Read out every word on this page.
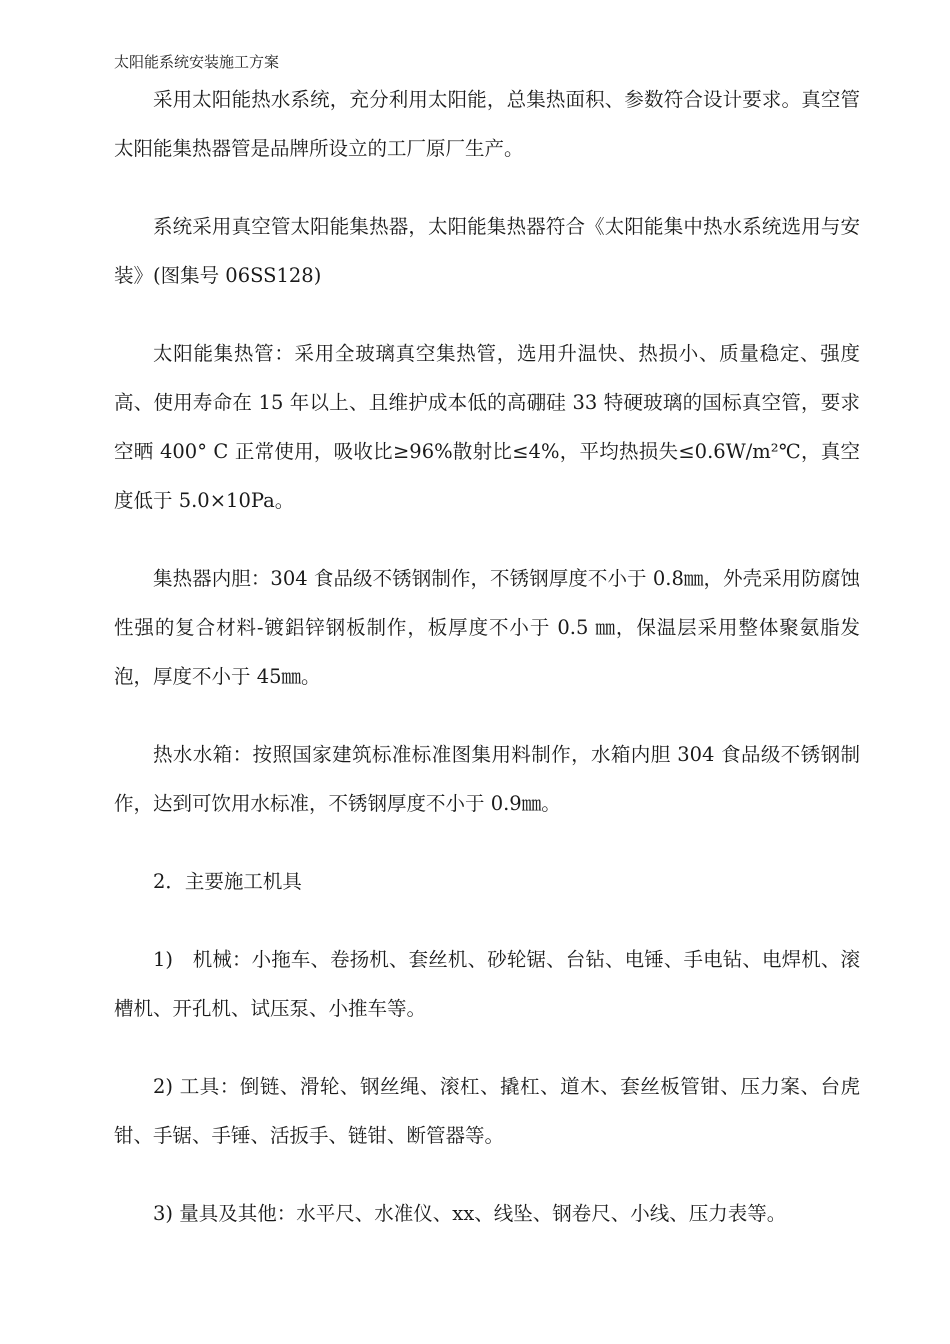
太阳能系统安装施工方案

采用太阳能热水系统，充分利用太阳能，总集热面积、参数符合设计要求。真空管太阳能集热器管是品牌所设立的工厂原厂生产。

系统采用真空管太阳能集热器，太阳能集热器符合《太阳能集中热水系统选用与安装》(图集号 06SS128)

太阳能集热管：采用全玻璃真空集热管，选用升温快、热损小、质量稳定、强度高、使用寿命在 15 年以上、且维护成本低的高硼硅 33 特硬玻璃的国标真空管，要求空晒 400° C 正常使用，吸收比≥96%散射比≤4%，平均热损失≤0.6W/m²℃，真空度低于 5.0×10Pa。

集热器内胆：304 食品级不锈钢制作，不锈钢厚度不小于 0.8㎜，外壳采用防腐蚀性强的复合材料-镀鋁锌钢板制作，板厚度不小于 0.5 ㎜，保温层采用整体聚氨脂发泡，厚度不小于 45㎜。

热水水箱：按照国家建筑标准标准图集用料制作，水箱内胆 304 食品级不锈钢制作，达到可饮用水标准，不锈钢厚度不小于 0.9㎜。

2．主要施工机具

1)　机械：小拖车、卷扬机、套丝机、砂轮锯、台钻、电锤、手电钻、电焊机、滚槽机、开孔机、试压泵、小推车等。

2) 工具：倒链、滑轮、钢丝绳、滚杠、撬杠、道木、套丝板管钳、压力案、台虎钳、手锯、手锤、活扳手、链钳、断管器等。

3) 量具及其他：水平尺、水准仪、xx、线坠、钢卷尺、小线、压力表等。
